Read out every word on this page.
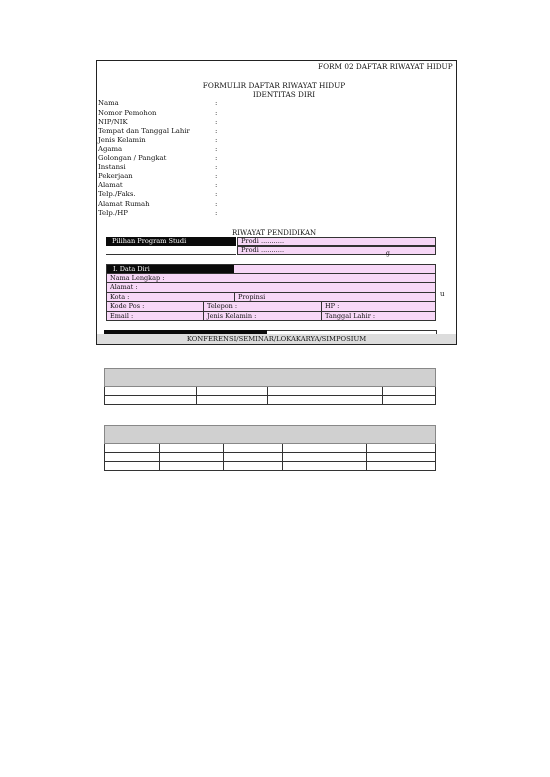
FORM 02 DAFTAR RIWAYAT HIDUP
FORMULIR DAFTAR RIWAYAT HIDUP
IDENTITAS DIRI
Nama	:
Nomor Pemohon	:
NIP/NIK	:
Tempat dan Tanggal Lahir	:
Jenis Kelamin	:
Agama	:
Golongan / Pangkat	:
Instansi	:
Pekerjaan	:
Alamat	:
Telp./Faks.	:
Alamat Rumah	:
Telp./HP	:
RIWAYAT PENDIDIKAN
Pilihan Program Studi	Prodi ...........
Prodi ...........	g
u
I. Data Diri
Nama Lengkap :
Alamat :
Kota :	Propinsi
Kode Pos :	Telepon :	HP :
Email :	Jenis Kelamin :	Tanggal Lahir :
KONFERENSI/SEMINAR/LOKAKARYA/SIMPOSIUM
